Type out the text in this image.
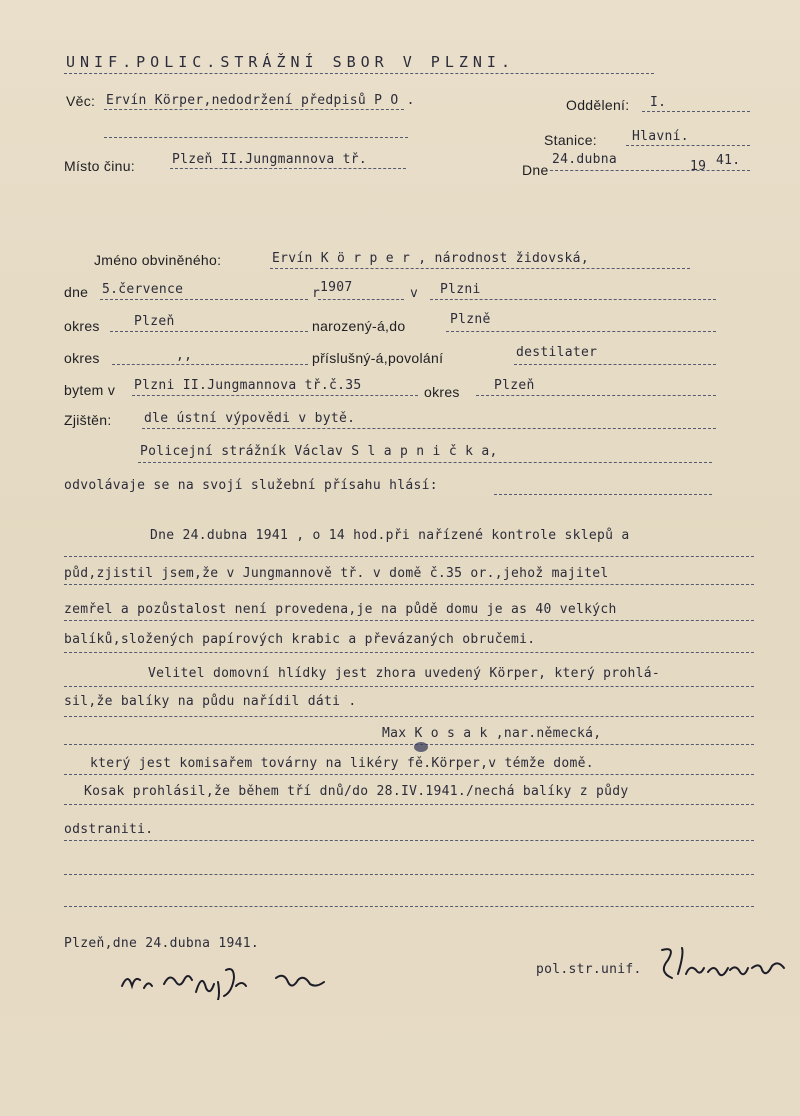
UNIF.POLIC.STRÁŽNÍ SBOR V PLZNI.
Věc: Ervín Körper,nedodržení předpisů P O .	Oddělení: I.
Stanice:	Hlavní.
Místo činu:	Plzeň II.Jungmannova tř.
Dne
24.dubna	19 41.
Jméno obviněného:	Ervín K ö r p e r , národnost židovská,
dne 5.července	r 1907	v Plzni
okres	Plzeň	narozený-á,do	Plzně
okres	,,	příslušný-á,povolání	destilater
bytem v Plzni II.Jungmannova tř.č.35	okres	Plzeň
Zjištěn: dle ústní výpovědi v bytě.
Policejní strážník Václav S l a p n i č k a,
odvolávaje se na svojí služební přísahu hlásí:
Dne 24.dubna 1941 , o 14 hod.při nařízené kontrole sklepů a
půd,zjistil jsem,že v Jungmannově tř. v domě č.35 or.,jehož majitel
zemřel a pozůstalost není provedena,je na půdě domu je as 40 velkých
balíků,složených papírových krabic a převázaných obručemi.
Velitel domovní hlídky jest zhora uvedený Körper, který prohlá-
sil,že balíky na půdu nařídil dáti .
Max K o s a k ,nar.německá,
který jest komisařem továrny na likéry fě.Körper,v témže domě.
Kosak prohlásil,že během tří dnů/do 28.IV.1941./nechá balíky z půdy
odstraniti.
Plzeň,dne 24.dubna 1941.
pol.str.unif.
